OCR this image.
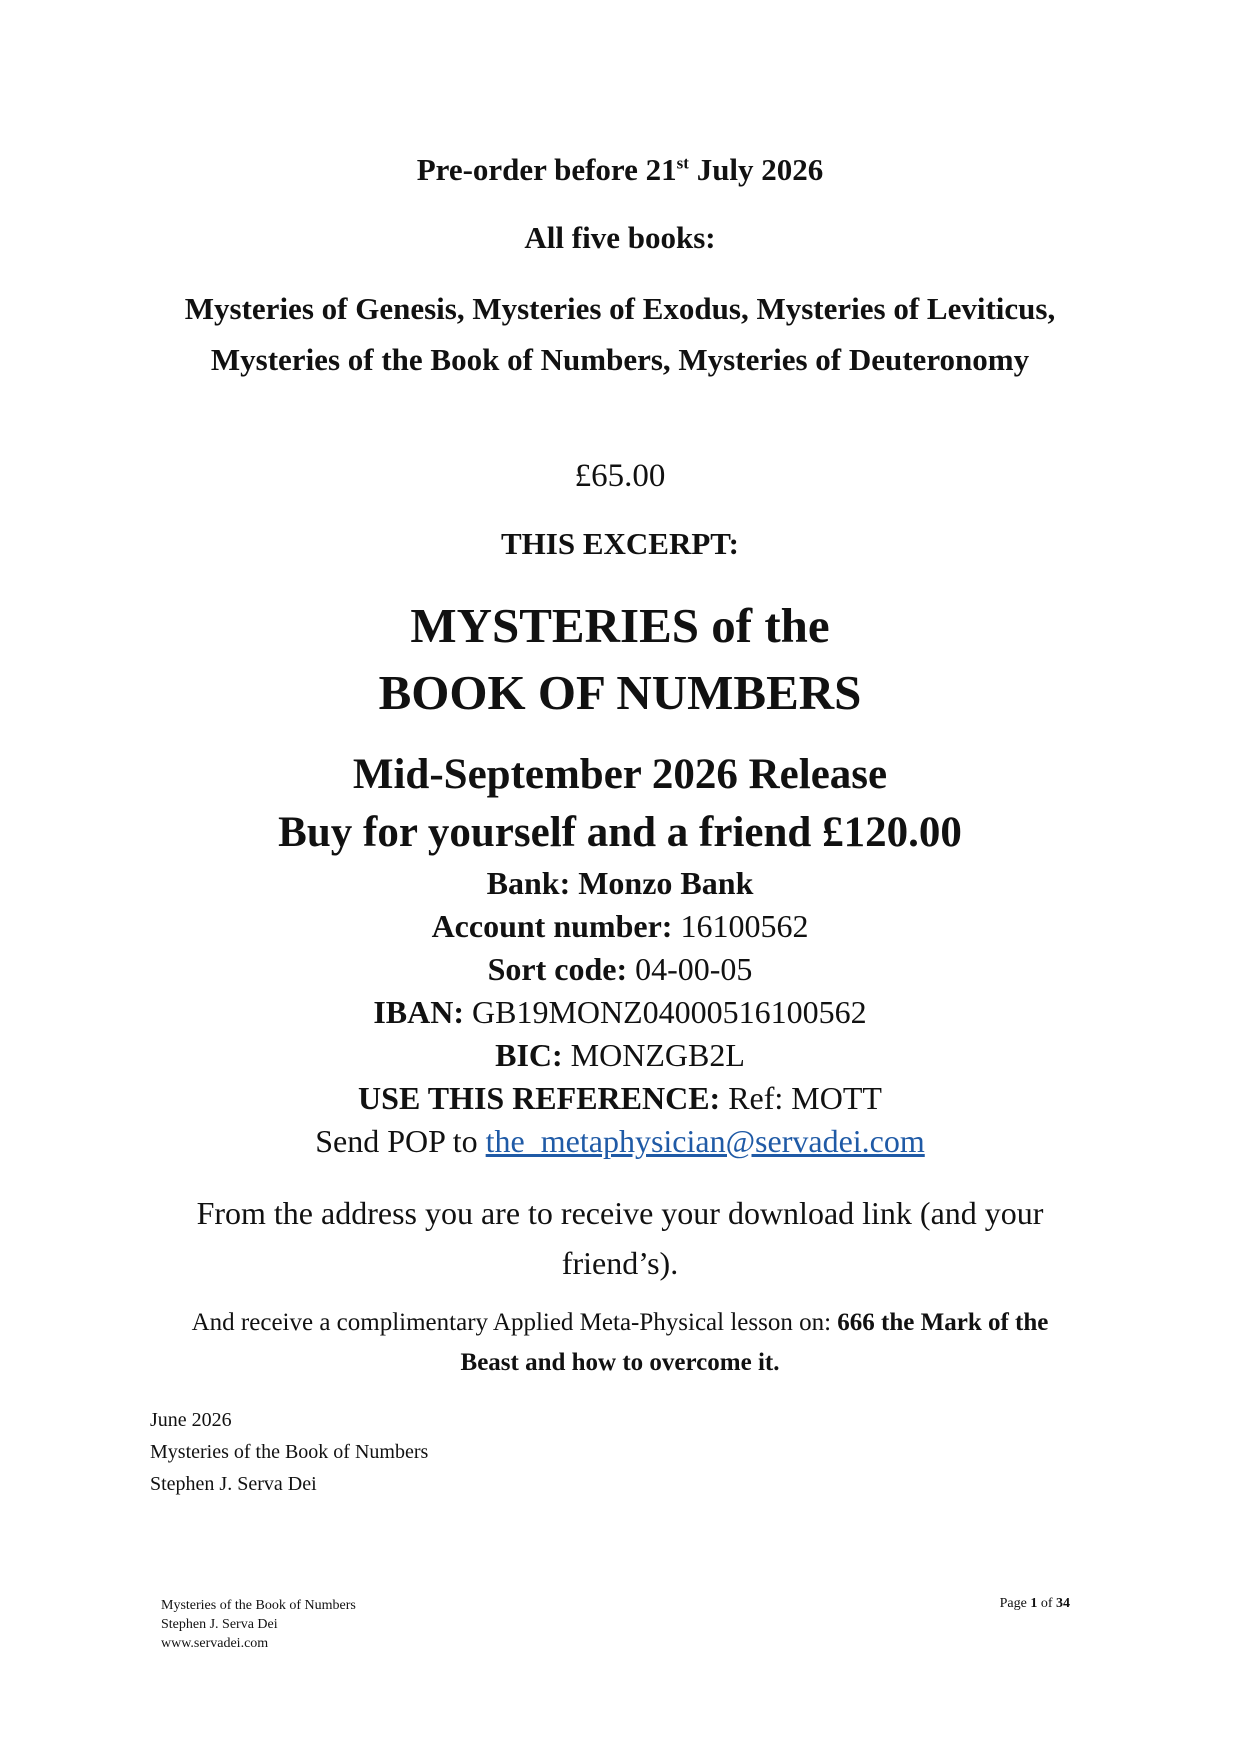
Pre-order before 21st July 2026
All five books:
Mysteries of Genesis, Mysteries of Exodus, Mysteries of Leviticus, Mysteries of the Book of Numbers, Mysteries of Deuteronomy
£65.00
THIS EXCERPT:
MYSTERIES of the
BOOK OF NUMBERS
Mid-September 2026 Release
Buy for yourself and a friend £120.00
Bank: Monzo Bank
Account number: 16100562
Sort code: 04-00-05
IBAN: GB19MONZ04000516100562
BIC: MONZGB2L
USE THIS REFERENCE: Ref: MOTT
Send POP to the_metaphysician@servadei.com
From the address you are to receive your download link (and your friend’s).
And receive a complimentary Applied Meta-Physical lesson on: 666 the Mark of the Beast and how to overcome it.
June 2026
Mysteries of the Book of Numbers
Stephen J. Serva Dei
Mysteries of the Book of Numbers
Stephen J. Serva Dei
www.servadei.com
Page 1 of 34
